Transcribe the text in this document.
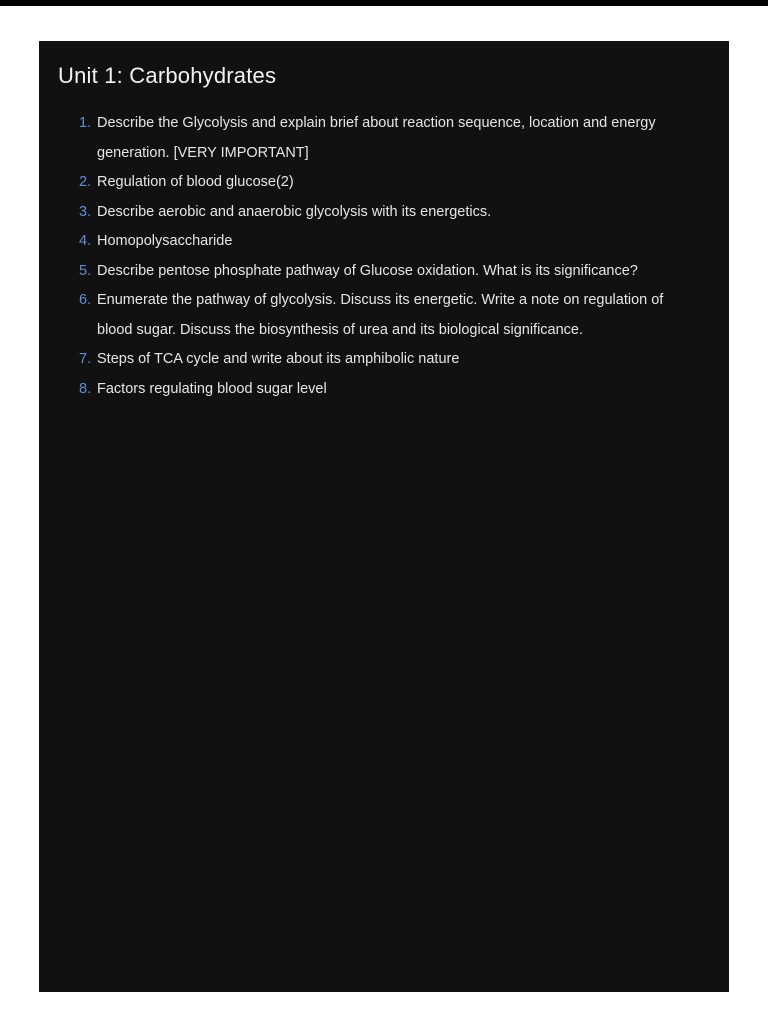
Unit 1: Carbohydrates
1. Describe the Glycolysis and explain brief about reaction sequence, location and energy generation. [VERY IMPORTANT]
2. Regulation of blood glucose(2)
3. Describe aerobic and anaerobic glycolysis with its energetics.
4. Homopolysaccharide
5. Describe pentose phosphate pathway of Glucose oxidation. What is its significance?
6. Enumerate the pathway of glycolysis. Discuss its energetic. Write a note on regulation of blood sugar. Discuss the biosynthesis of urea and its biological significance.
7. Steps of TCA cycle and write about its amphibolic nature
8. Factors regulating blood sugar level
